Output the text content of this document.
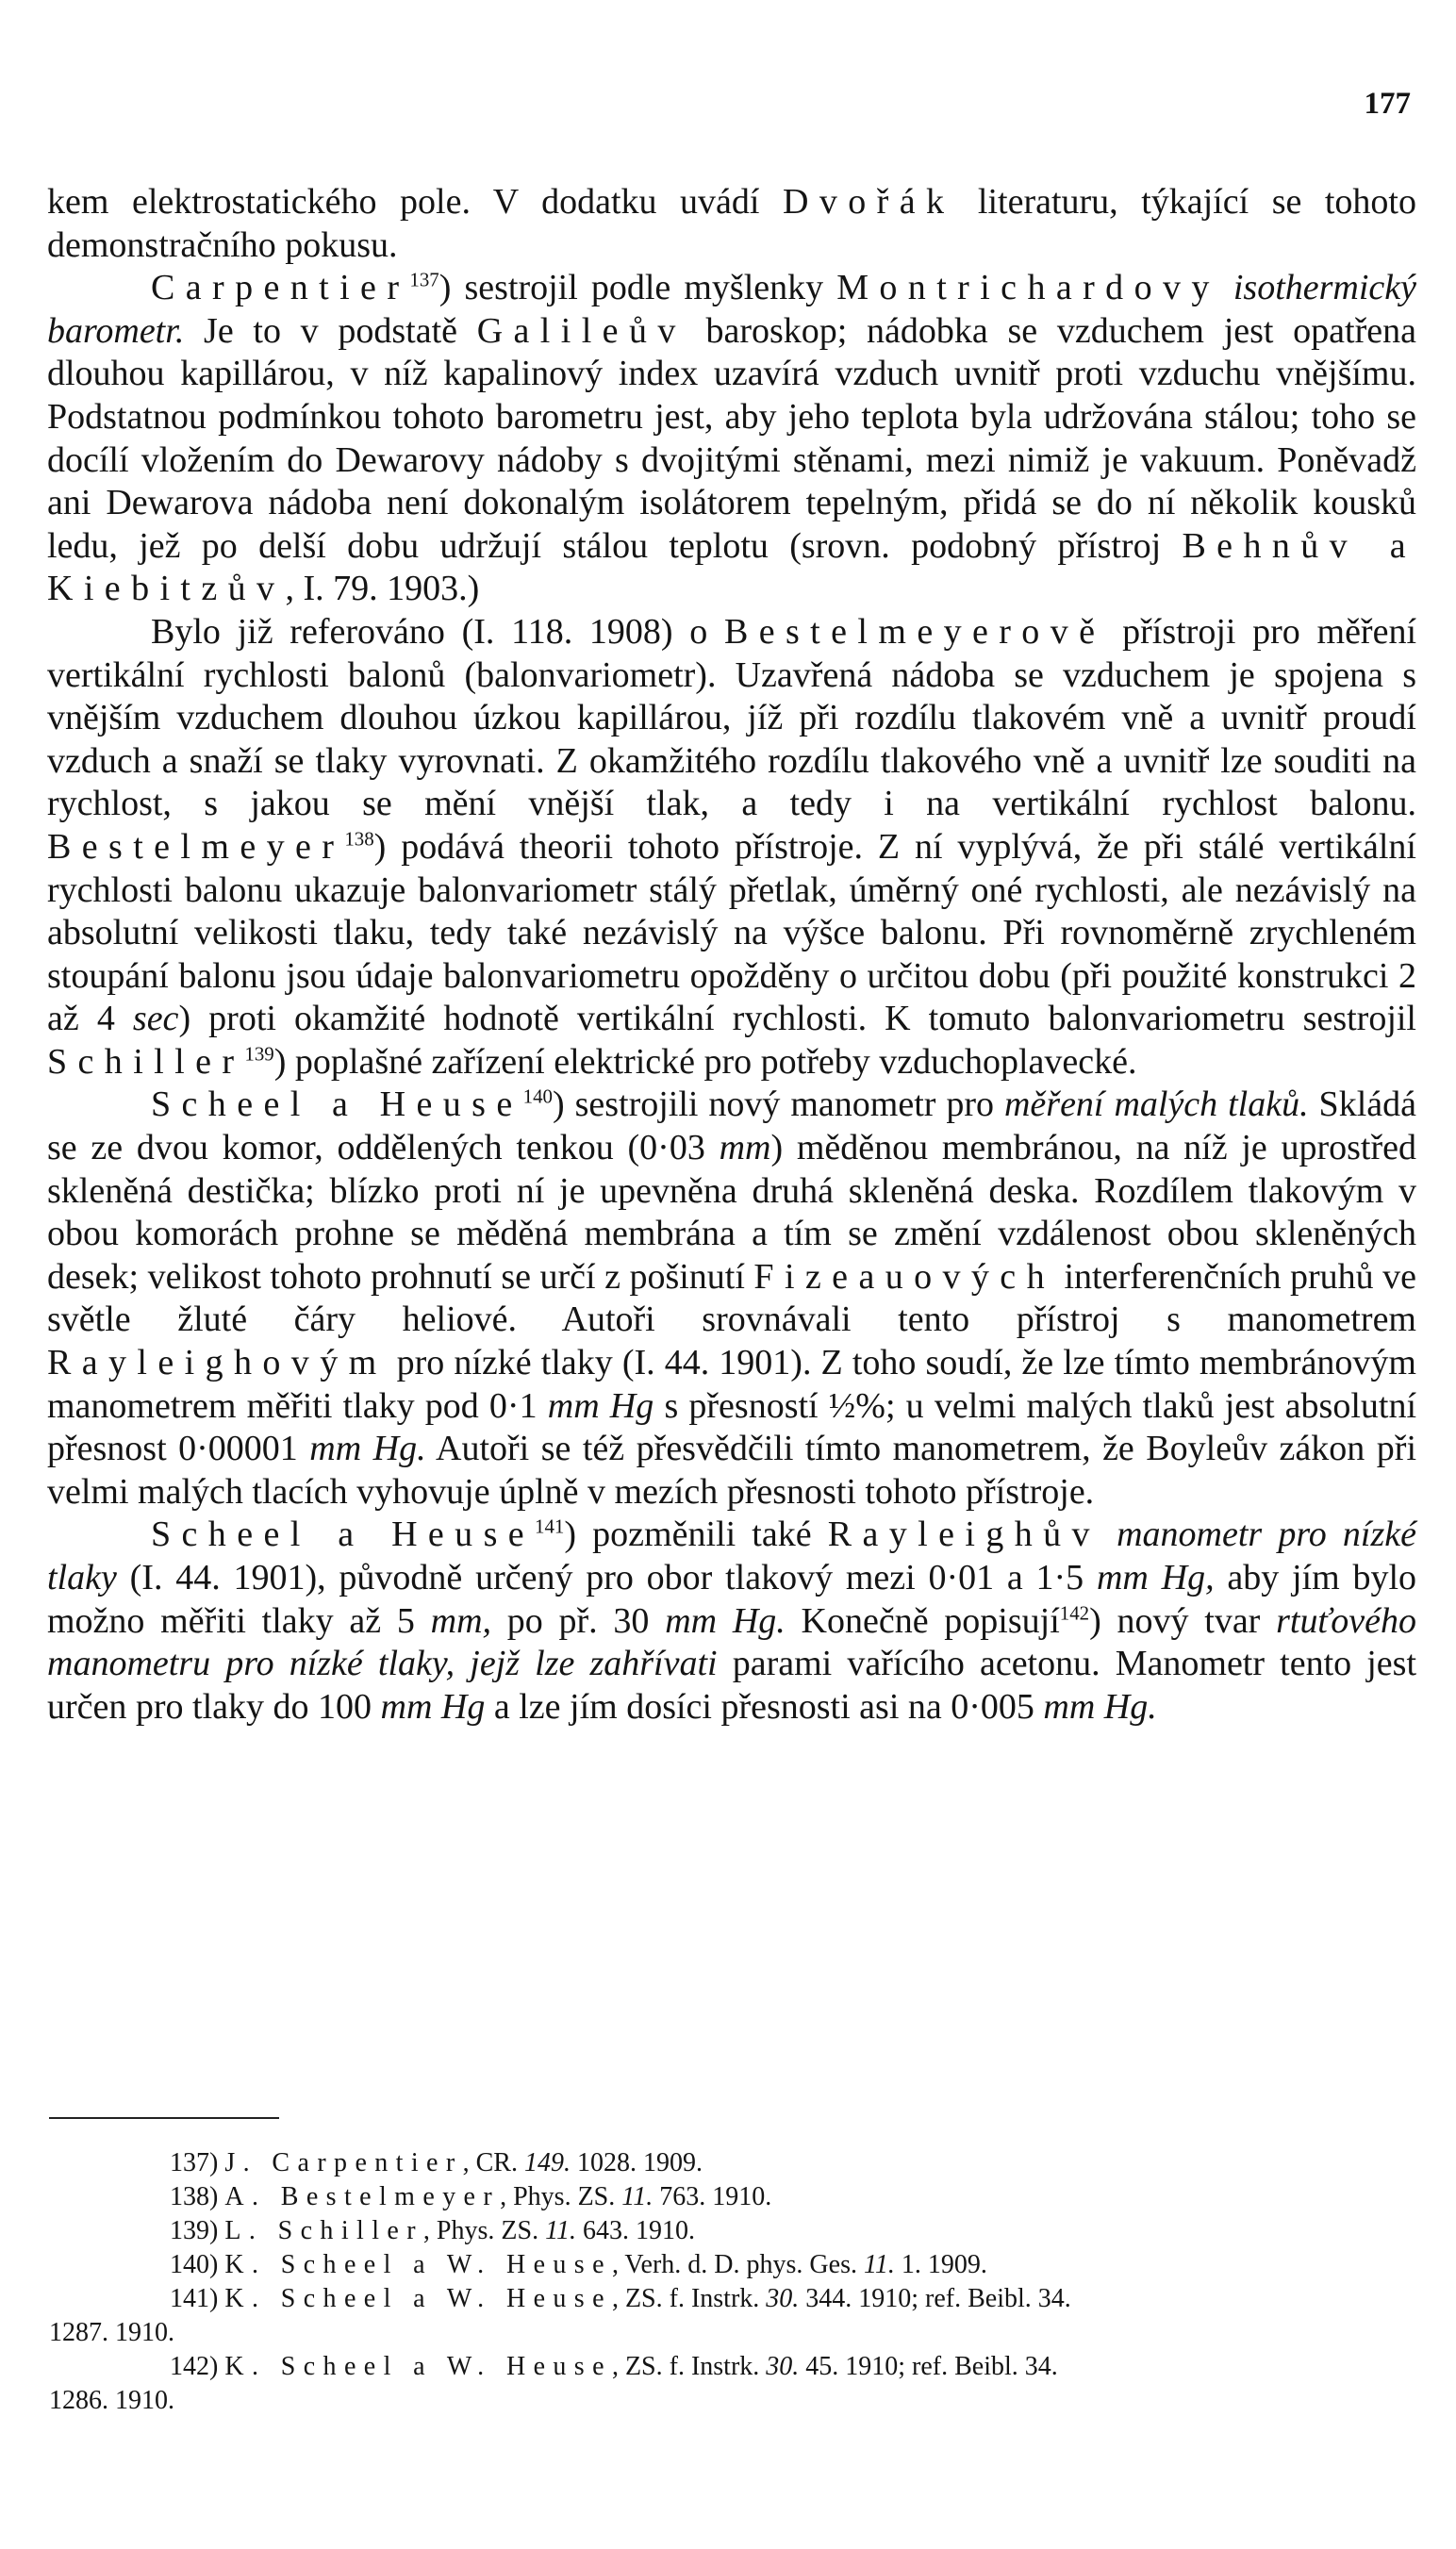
177

kem elektrostatického pole. V dodatku uvádí Dvořák literaturu, týkající se tohoto demonstračního pokusu.

Carpentier$^{137}$) sestrojil podle myšlenky Montrichardovy isothermický barometr. Je to v podstatě Galileův baroskop; nádobka se vzduchem jest opatřena dlouhou kapillárou, v níž kapalinový index uzavírá vzduch uvnitř proti vzduchu vnějšímu. Podstatnou podmínkou tohoto barometru jest, aby jeho teplota byla udržována stálou; toho se docílí vložením do Dewarovy nádoby s dvojitými stěnami, mezi nimiž je vakuum. Poněvadž ani Dewarova nádoba není dokonalým isolátorem tepelným, přidá se do ní několik kousků ledu, jež po delší dobu udržují stálou teplotu (srovn. podobný přístroj Behnův a Kiebitzův, I. 79. 1903.)

Bylo již referováno (I. 118. 1908) o Bestelmeyerově přístroji pro měření vertikální rychlosti balonů (balonvariometr). Uzavřená nádoba se vzduchem je spojena s vnějším vzduchem dlouhou úzkou kapillárou, jíž při rozdílu tlakovém vně a uvnitř proudí vzduch a snaží se tlaky vyrovnati. Z okamžitého rozdílu tlakového vně a uvnitř lze souditi na rychlost, s jakou se mění vnější tlak, a tedy i na vertikální rychlost balonu. Bestelmeyer$^{138}$) podává theorii tohoto přístroje. Z ní vyplývá, že při stálé vertikální rychlosti balonu ukazuje balonvariometr stálý přetlak, úměrný oné rychlosti, ale nezávislý na absolutní velikosti tlaku, tedy také nezávislý na výšce balonu. Při rovnoměrně zrychleném stoupání balonu jsou údaje balonvariometru opožděny o určitou dobu (při použité konstrukci 2 až 4 sec) proti okamžité hodnotě vertikální rychlosti. K tomuto balonvariometru sestrojil Schiller$^{139}$) poplašné zařízení elektrické pro potřeby vzduchoplavecké.

Scheel a Heuse$^{140}$) sestrojili nový manometr pro měření malých tlaků. Skládá se ze dvou komor, oddělených tenkou (0·03 mm) měděnou membránou, na níž je uprostřed skleněná destička; blízko proti ní je upevněna druhá skleněná deska. Rozdílem tlakovým v obou komorách prohne se měděná membrána a tím se změní vzdálenost obou skleněných desek; velikost tohoto prohnutí se určí z pošinutí Fizeauových interferenčních pruhů ve světle žluté čáry heliové. Autoři srovnávali tento přístroj s manometrem Rayleighovým pro nízké tlaky (I. 44. 1901). Z toho soudí, že lze tímto membránovým manometrem měřiti tlaky pod 0·1 mm Hg s přesností ½%; u velmi malých tlaků jest absolutní přesnost 0·00001 mm Hg. Autoři se též přesvědčili tímto manometrem, že Boyleův zákon při velmi malých tlacích vyhovuje úplně v mezích přesnosti tohoto přístroje.

Scheel a Heuse$^{141}$) pozměnili také Rayleighův manometr pro nízké tlaky (I. 44. 1901), původně určený pro obor tlakový mezi 0·01 a 1·5 mm Hg, aby jím bylo možno měřiti tlaky až 5 mm, po př. 30 mm Hg. Konečně popisují$^{142}$) nový tvar rtuťového manometru pro nízké tlaky, jejž lze zahřívati parami vařícího acetonu. Manometr tento jest určen pro tlaky do 100 mm Hg a lze jím dosíci přesnosti asi na 0·005 mm Hg.

137) J. Carpentier, CR. 149. 1028. 1909.
138) A. Bestelmeyer, Phys. ZS. 11. 763. 1910.
139) L. Schiller, Phys. ZS. 11. 643. 1910.
140) K. Scheel a W. Heuse, Verh. d. D. phys. Ges. 11. 1. 1909.
141) K. Scheel a W. Heuse, ZS. f. Instrk. 30. 344. 1910; ref. Beibl. 34.
1287. 1910.
142) K. Scheel a W. Heuse, ZS. f. Instrk. 30. 45. 1910; ref. Beibl. 34.
1286. 1910.
